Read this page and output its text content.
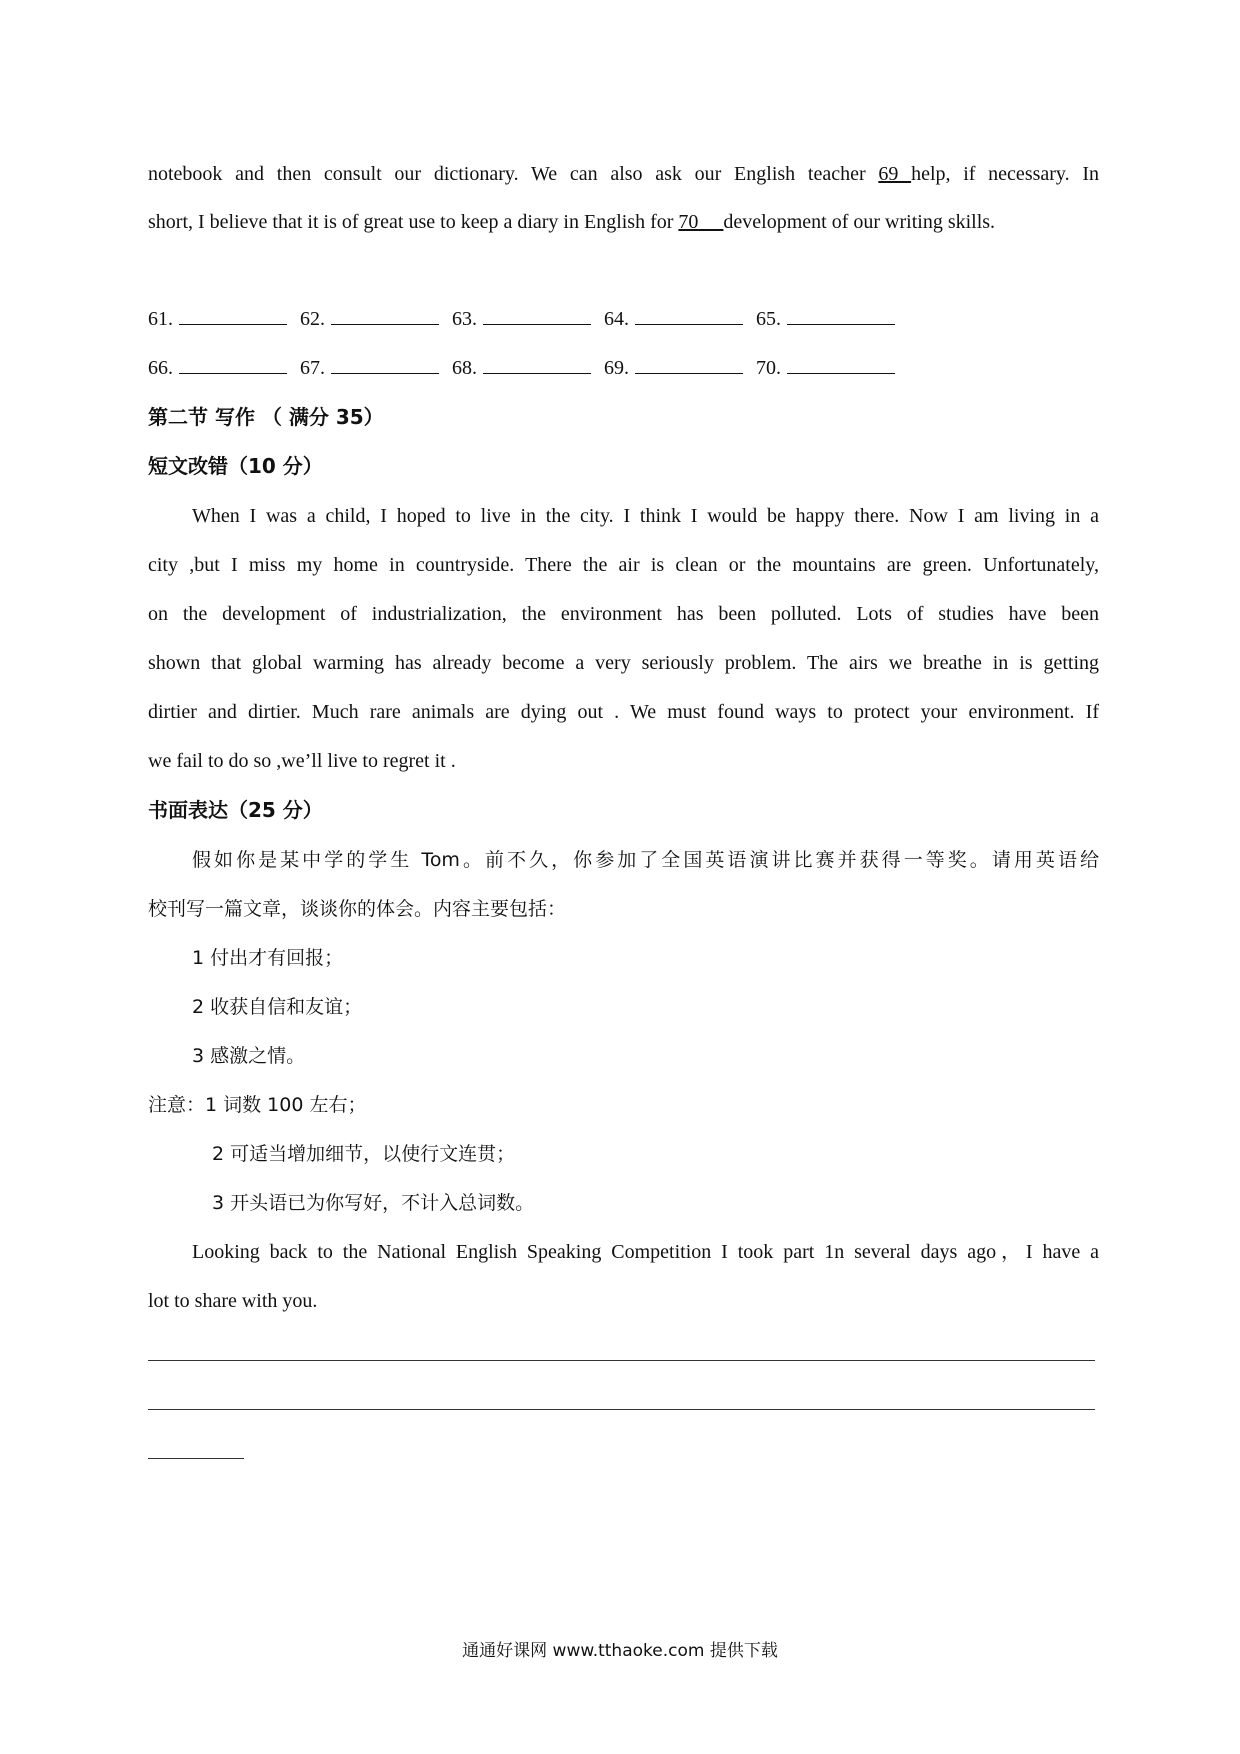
notebook and then consult our dictionary. We can also ask our English teacher 69 help, if necessary. In
short, I believe that it is of great use to keep a diary in English for 70 development of our writing skills.
61.	62.	63.	64.	65.
66.	67.	68.	69.	70.
第二节 写作 （ 满分 35）
短文改错（10 分）
When I was a child, I hoped to live in the city. I think I would be happy there. Now I am living in a
city ,but I miss my home in countryside. There the air is clean or the mountains are green. Unfortunately,
on the development of industrialization, the environment has been polluted. Lots of studies have been
shown that global warming has already become a very seriously problem. The airs we breathe in is getting
dirtier and dirtier. Much rare animals are dying out . We must found ways to protect your environment. If
we fail to do so ,we’ll live to regret it .
书面表达（25 分）
假如你是某中学的学生 Tom。前不久，你参加了全国英语演讲比赛并获得一等奖。请用英语给
校刊写一篇文章，谈谈你的体会。内容主要包括：
1 付出才有回报；
2 收获自信和友谊；
3 感激之情。
注意：1 词数 100 左右；
2 可适当增加细节，以使行文连贯；
3 开头语已为你写好，不计入总词数。
Looking back to the National English Speaking Competition I took part 1n several days ago，I have a
lot to share with you.
通通好课网 www.tthaoke.com 提供下载
